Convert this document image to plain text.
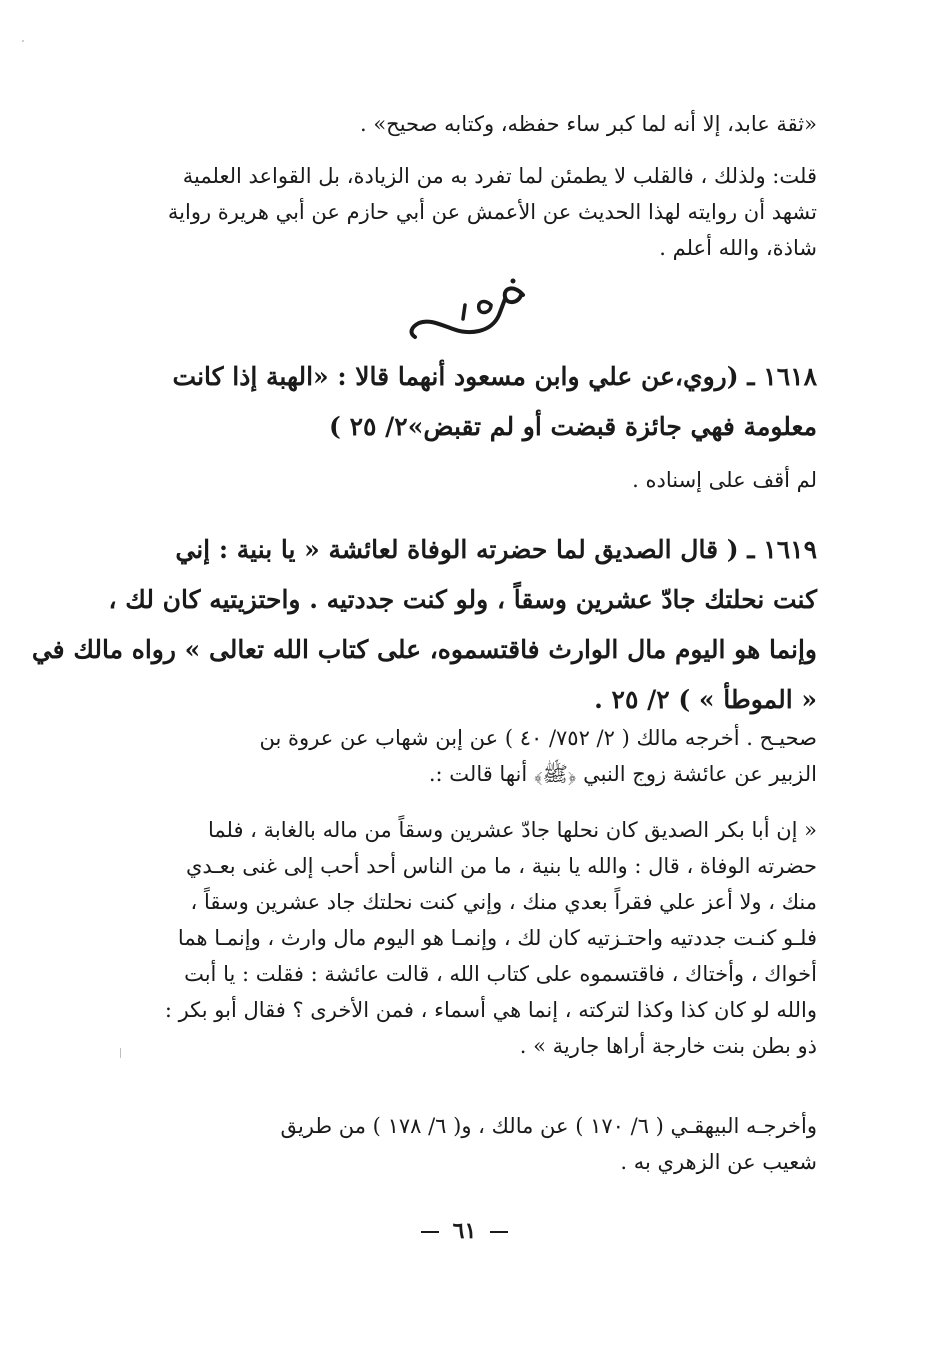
«ثقة عابد، إلا أنه لما كبر ساء حفظه، وكتابه صحيح» .
قلت: ولذلك ، فالقلب لا يطمئن لما تفرد به من الزيادة، بل القواعد العلمية
تشهد أن روايته لهذا الحديث عن الأعمش عن أبي حازم عن أبي هريرة رواية
شاذة، والله أعلم .
١٦١٨ ـ (روي،عن علي وابن مسعود أنهما قالا : «الهبة إذا كانت
معلومة فهي جائزة قبضت أو لم تقبض»٢/ ٢٥ )
لم أقف على إسناده .
١٦١٩ ـ ( قال الصديق لما حضرته الوفاة لعائشة « يا بنية : إني
كنت نحلتك جادّ عشرين وسقاً ، ولو كنت جددتيه . واحتزيتيه كان لك ،
وإنما هو اليوم مال الوارث فاقتسموه، على كتاب الله تعالى » رواه مالك في
« الموطأ » ) ٢/ ٢٥ .
صحيـح . أخرجه مالك ( ٢/ ٧٥٢/ ٤٠ ) عن إبن شهاب عن عروة بن
الزبير عن عائشة زوج النبي ﴿ﷺ﴾ أنها قالت :.
« إن أبا بكر الصديق كان نحلها جادّ عشرين وسقاً من ماله بالغابة ، فلما
حضرته الوفاة ، قال : والله يا بنية ، ما من الناس أحد أحب إلى غنى بعـدي
منك ، ولا أعز علي فقراً بعدي منك ، وإني كنت نحلتك جاد عشرين وسقاً ،
فلـو كنـت جددتيه واحتـزتيه كان لك ، وإنمـا هو اليوم مال وارث ، وإنمـا هما
أخواك ، وأختاك ، فاقتسموه على كتاب الله ، قالت عائشة : فقلت : يا أبت
والله لو كان كذا وكذا لتركته ، إنما هي أسماء ، فمن الأخرى ؟ فقال أبو بكر :
ذو بطن بنت خارجة أراها جارية » .
وأخرجـه البيهقـي ( ٦/ ١٧٠ ) عن مالك ، و( ٦/ ١٧٨ ) من طريق
شعيب عن الزهري به .
٦١
